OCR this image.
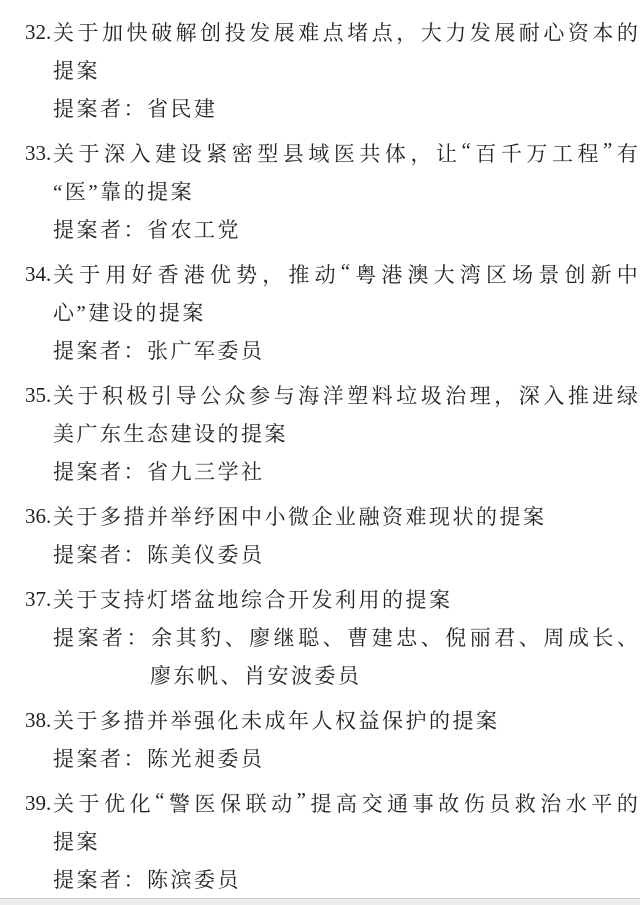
32. 关 于 加 快 破 解 创 投 发 展 难 点 堵 点 ， 大 力 发 展 耐 心 资 本 的
提案
提案者：省民建
33. 关 于 深 入 建 设 紧 密 型 县 域 医 共 体 ， 让 “ 百 千 万 工 程 ” 有
“医”靠的提案
提案者：省农工党
34. 关 于 用 好 香 港 优 势 ， 推 动 “ 粤 港 澳 大 湾 区 场 景 创 新 中
心”建设的提案
提案者：张广军委员
35. 关 于 积 极 引 导 公 众 参 与 海 洋 塑 料 垃 圾 治 理 ， 深 入 推 进 绿
美广东生态建设的提案
提案者：省九三学社
36. 关于多措并举纾困中小微企业融资难现状的提案
提案者：陈美仪委员
37. 关于支持灯塔盆地综合开发利用的提案
提 案 者 ： 余 其 豹 、 廖 继 聪 、 曹 建 忠 、 倪 丽 君 、 周 成 长 、
廖东帆、肖安波委员
38. 关于多措并举强化未成年人权益保护的提案
提案者：陈光昶委员
39. 关 于 优 化 “ 警 医 保 联 动 ” 提 高 交 通 事 故 伤 员 救 治 水 平 的
提案
提案者：陈滨委员
